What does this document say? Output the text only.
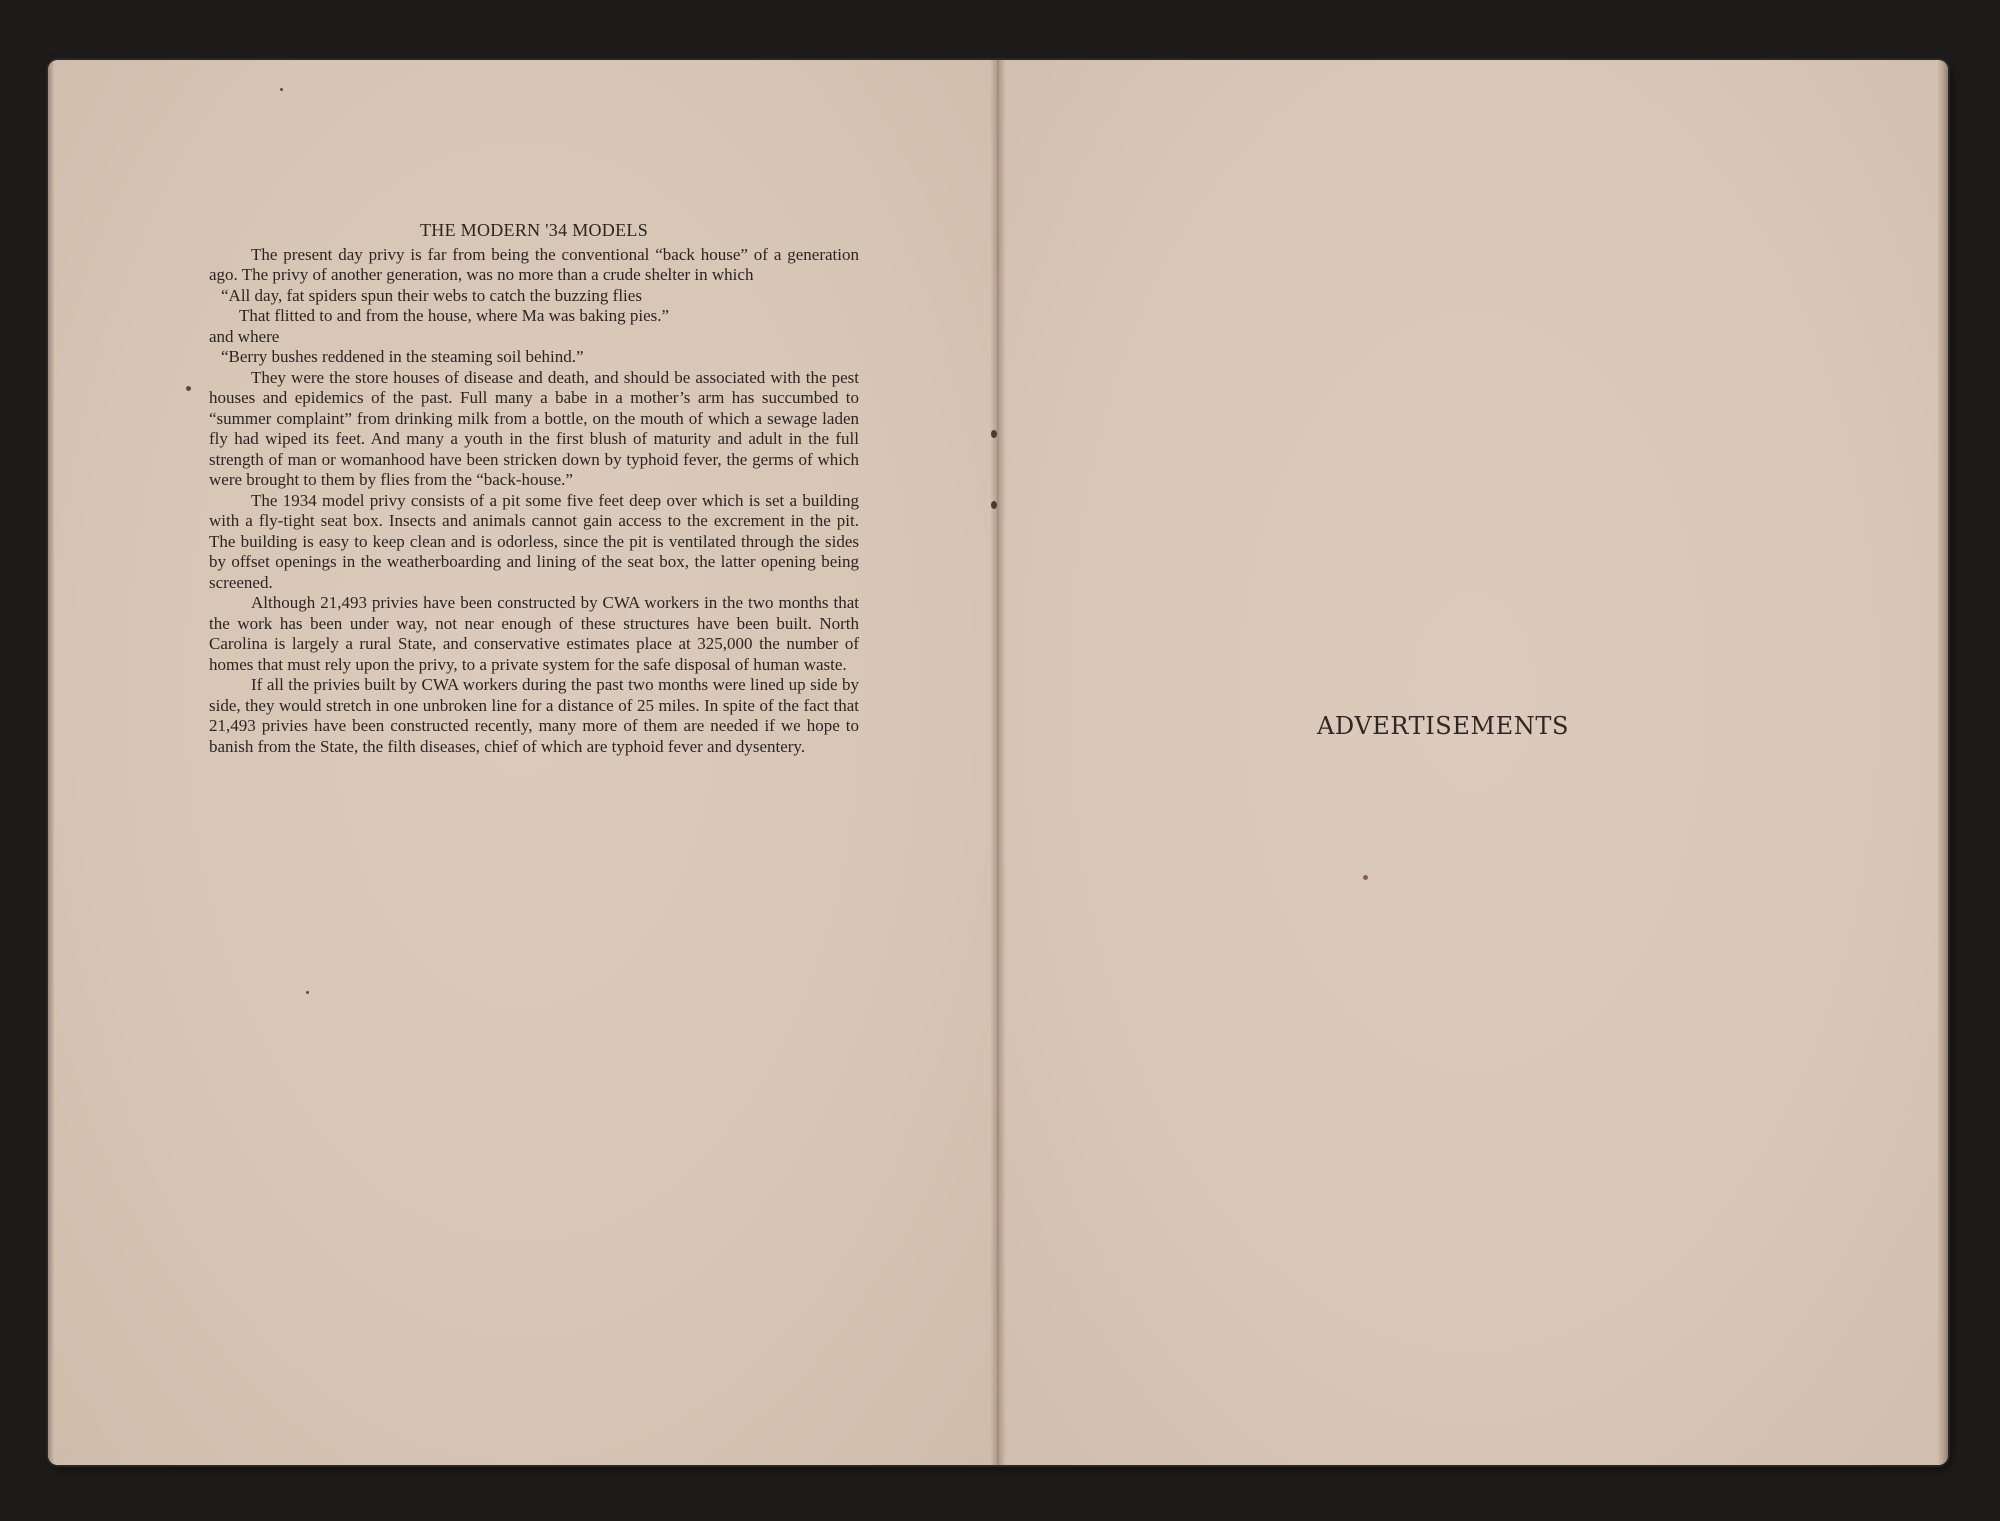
THE MODERN '34 MODELS

The present day privy is far from being the conventional “back house” of a generation ago. The privy of another generation, was no more than a crude shelter in which

“All day, fat spiders spun their webs to catch the buzzing flies

That flitted to and from the house, where Ma was baking pies.”

and where

“Berry bushes reddened in the steaming soil behind.”

They were the store houses of disease and death, and should be associated with the pest houses and epidemics of the past. Full many a babe in a mother’s arm has succumbed to “summer complaint” from drinking milk from a bottle, on the mouth of which a sewage laden fly had wiped its feet. And many a youth in the first blush of maturity and adult in the full strength of man or womanhood have been stricken down by typhoid fever, the germs of which were brought to them by flies from the “back-house.”

The 1934 model privy consists of a pit some five feet deep over which is set a building with a fly-tight seat box. Insects and animals cannot gain access to the excrement in the pit. The building is easy to keep clean and is odorless, since the pit is ventilated through the sides by offset openings in the weatherboarding and lining of the seat box, the latter opening being screened.

Although 21,493 privies have been constructed by CWA workers in the two months that the work has been under way, not near enough of these structures have been built. North Carolina is largely a rural State, and conservative estimates place at 325,000 the number of homes that must rely upon the privy, to a private system for the safe disposal of human waste.

If all the privies built by CWA workers during the past two months were lined up side by side, they would stretch in one unbroken line for a distance of 25 miles. In spite of the fact that 21,493 privies have been constructed recently, many more of them are needed if we hope to banish from the State, the filth diseases, chief of which are typhoid fever and dysentery.

ADVERTISEMENTS
